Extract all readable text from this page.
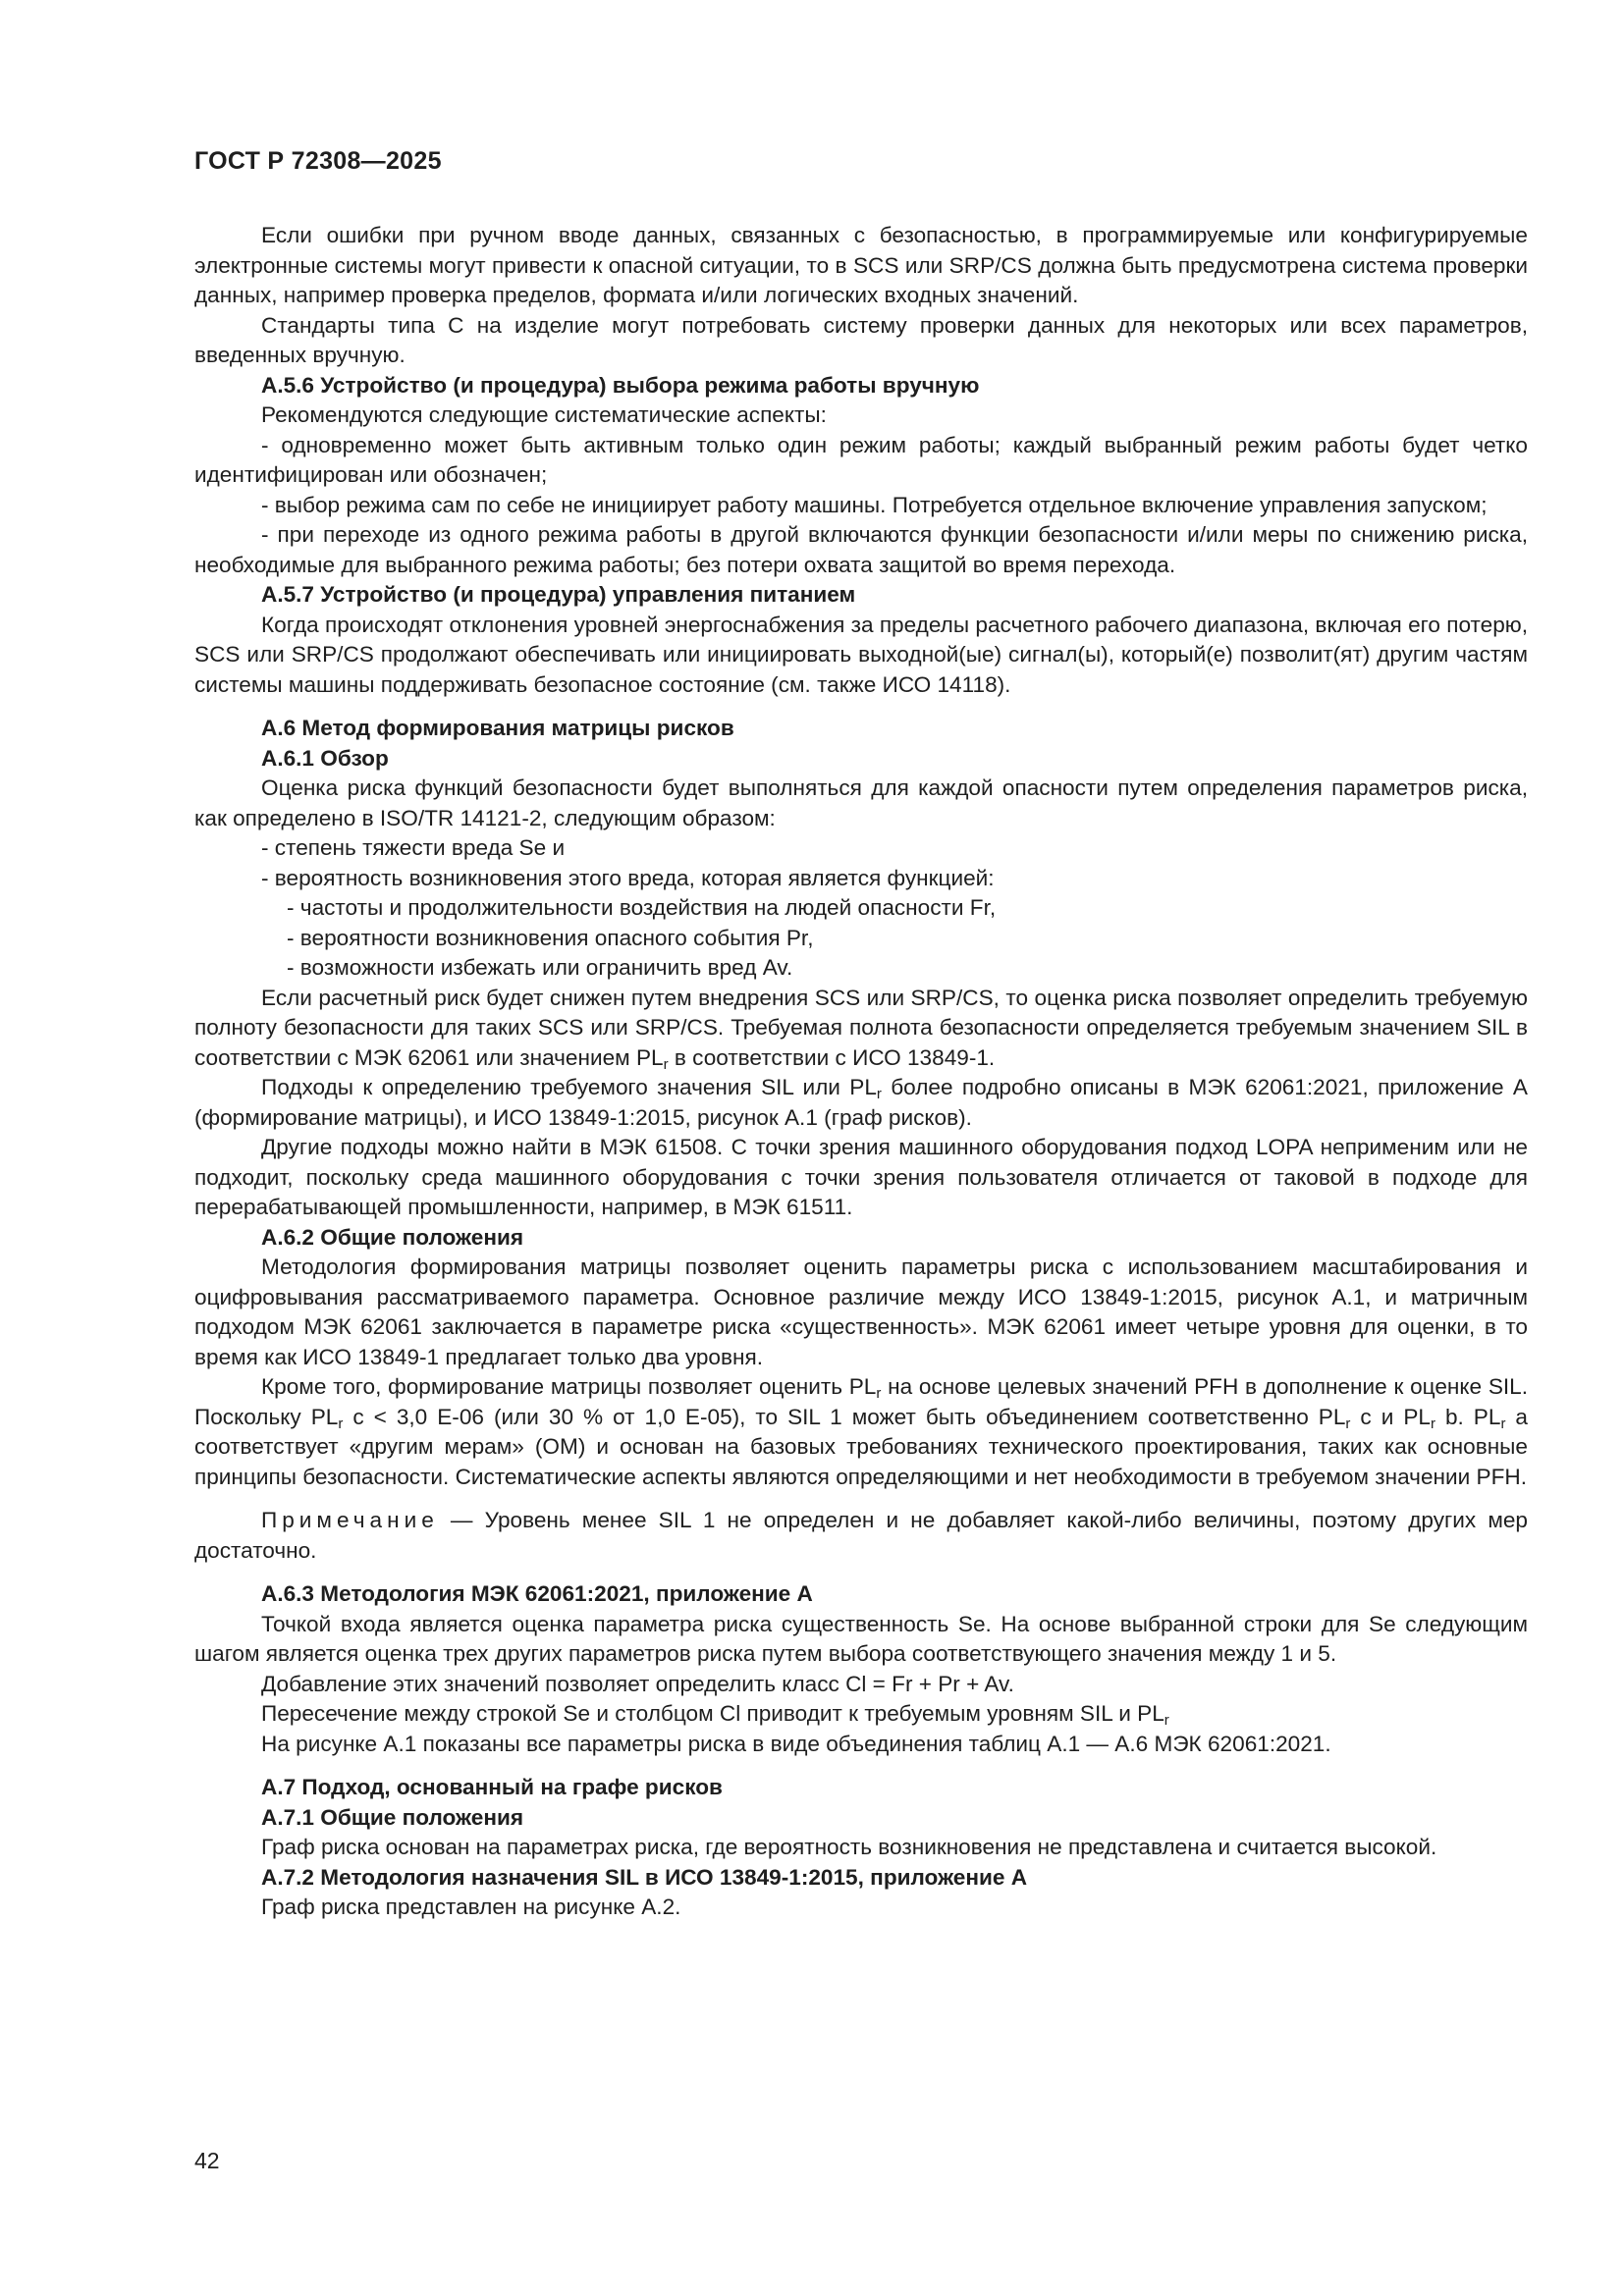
ГОСТ Р 72308—2025

Если ошибки при ручном вводе данных, связанных с безопасностью, в программируемые или конфигурируемые электронные системы могут привести к опасной ситуации, то в SCS или SRP/CS должна быть предусмотрена система проверки данных, например проверка пределов, формата и/или логических входных значений.

Стандарты типа С на изделие могут потребовать систему проверки данных для некоторых или всех параметров, введенных вручную.

А.5.6 Устройство (и процедура) выбора режима работы вручную

Рекомендуются следующие систематические аспекты:

- одновременно может быть активным только один режим работы; каждый выбранный режим работы будет четко идентифицирован или обозначен;

- выбор режима сам по себе не инициирует работу машины. Потребуется отдельное включение управления запуском;

- при переходе из одного режима работы в другой включаются функции безопасности и/или меры по снижению риска, необходимые для выбранного режима работы; без потери охвата защитой во время перехода.

А.5.7 Устройство (и процедура) управления питанием

Когда происходят отклонения уровней энергоснабжения за пределы расчетного рабочего диапазона, включая его потерю, SCS или SRP/CS продолжают обеспечивать или инициировать выходной(ые) сигнал(ы), который(е) позволит(ят) другим частям системы машины поддерживать безопасное состояние (см. также ИСО 14118).

А.6 Метод формирования матрицы рисков

А.6.1 Обзор

Оценка риска функций безопасности будет выполняться для каждой опасности путем определения параметров риска, как определено в ISO/TR 14121-2, следующим образом:

- степень тяжести вреда Se и

- вероятность возникновения этого вреда, которая является функцией:

- частоты и продолжительности воздействия на людей опасности Fr,

- вероятности возникновения опасного события Pr,

- возможности избежать или ограничить вред Av.

Если расчетный риск будет снижен путем внедрения SCS или SRP/CS, то оценка риска позволяет определить требуемую полноту безопасности для таких SCS или SRP/CS. Требуемая полнота безопасности определяется требуемым значением SIL в соответствии с МЭК 62061 или значением $PL_r$ в соответствии с ИСО 13849-1.

Подходы к определению требуемого значения SIL или $PL_r$ более подробно описаны в МЭК 62061:2021, приложение А (формирование матрицы), и ИСО 13849-1:2015, рисунок А.1 (граф рисков).

Другие подходы можно найти в МЭК 61508. С точки зрения машинного оборудования подход LOPA неприменим или не подходит, поскольку среда машинного оборудования с точки зрения пользователя отличается от таковой в подходе для перерабатывающей промышленности, например, в МЭК 61511.

А.6.2 Общие положения

Методология формирования матрицы позволяет оценить параметры риска с использованием масштабирования и оцифровывания рассматриваемого параметра. Основное различие между ИСО 13849-1:2015, рисунок А.1, и матричным подходом МЭК 62061 заключается в параметре риска «существенность». МЭК 62061 имеет четыре уровня для оценки, в то время как ИСО 13849-1 предлагает только два уровня.

Кроме того, формирование матрицы позволяет оценить $PL_r$ на основе целевых значений PFH в дополнение к оценке SIL. Поскольку $PL_r$ c < 3,0 E-06 (или 30 % от 1,0 E-05), то SIL 1 может быть объединением соответственно $PL_r$ c и $PL_r$ b. $PL_r$ а соответствует «другим мерам» (OM) и основан на базовых требованиях технического проектирования, таких как основные принципы безопасности. Систематические аспекты являются определяющими и нет необходимости в требуемом значении PFH.

Примечание — Уровень менее SIL 1 не определен и не добавляет какой-либо величины, поэтому других мер достаточно.

А.6.3 Методология МЭК 62061:2021, приложение А

Точкой входа является оценка параметра риска существенность Se. На основе выбранной строки для Se следующим шагом является оценка трех других параметров риска путем выбора соответствующего значения между 1 и 5.

Добавление этих значений позволяет определить класс Cl = Fr + Pr + Av.

Пересечение между строкой Se и столбцом Cl приводит к требуемым уровням SIL и $PL_r$

На рисунке А.1 показаны все параметры риска в виде объединения таблиц А.1 — А.6 МЭК 62061:2021.

А.7 Подход, основанный на графе рисков

А.7.1 Общие положения

Граф риска основан на параметрах риска, где вероятность возникновения не представлена и считается высокой.

А.7.2 Методология назначения SIL в ИСО 13849-1:2015, приложение А

Граф риска представлен на рисунке А.2.

42
